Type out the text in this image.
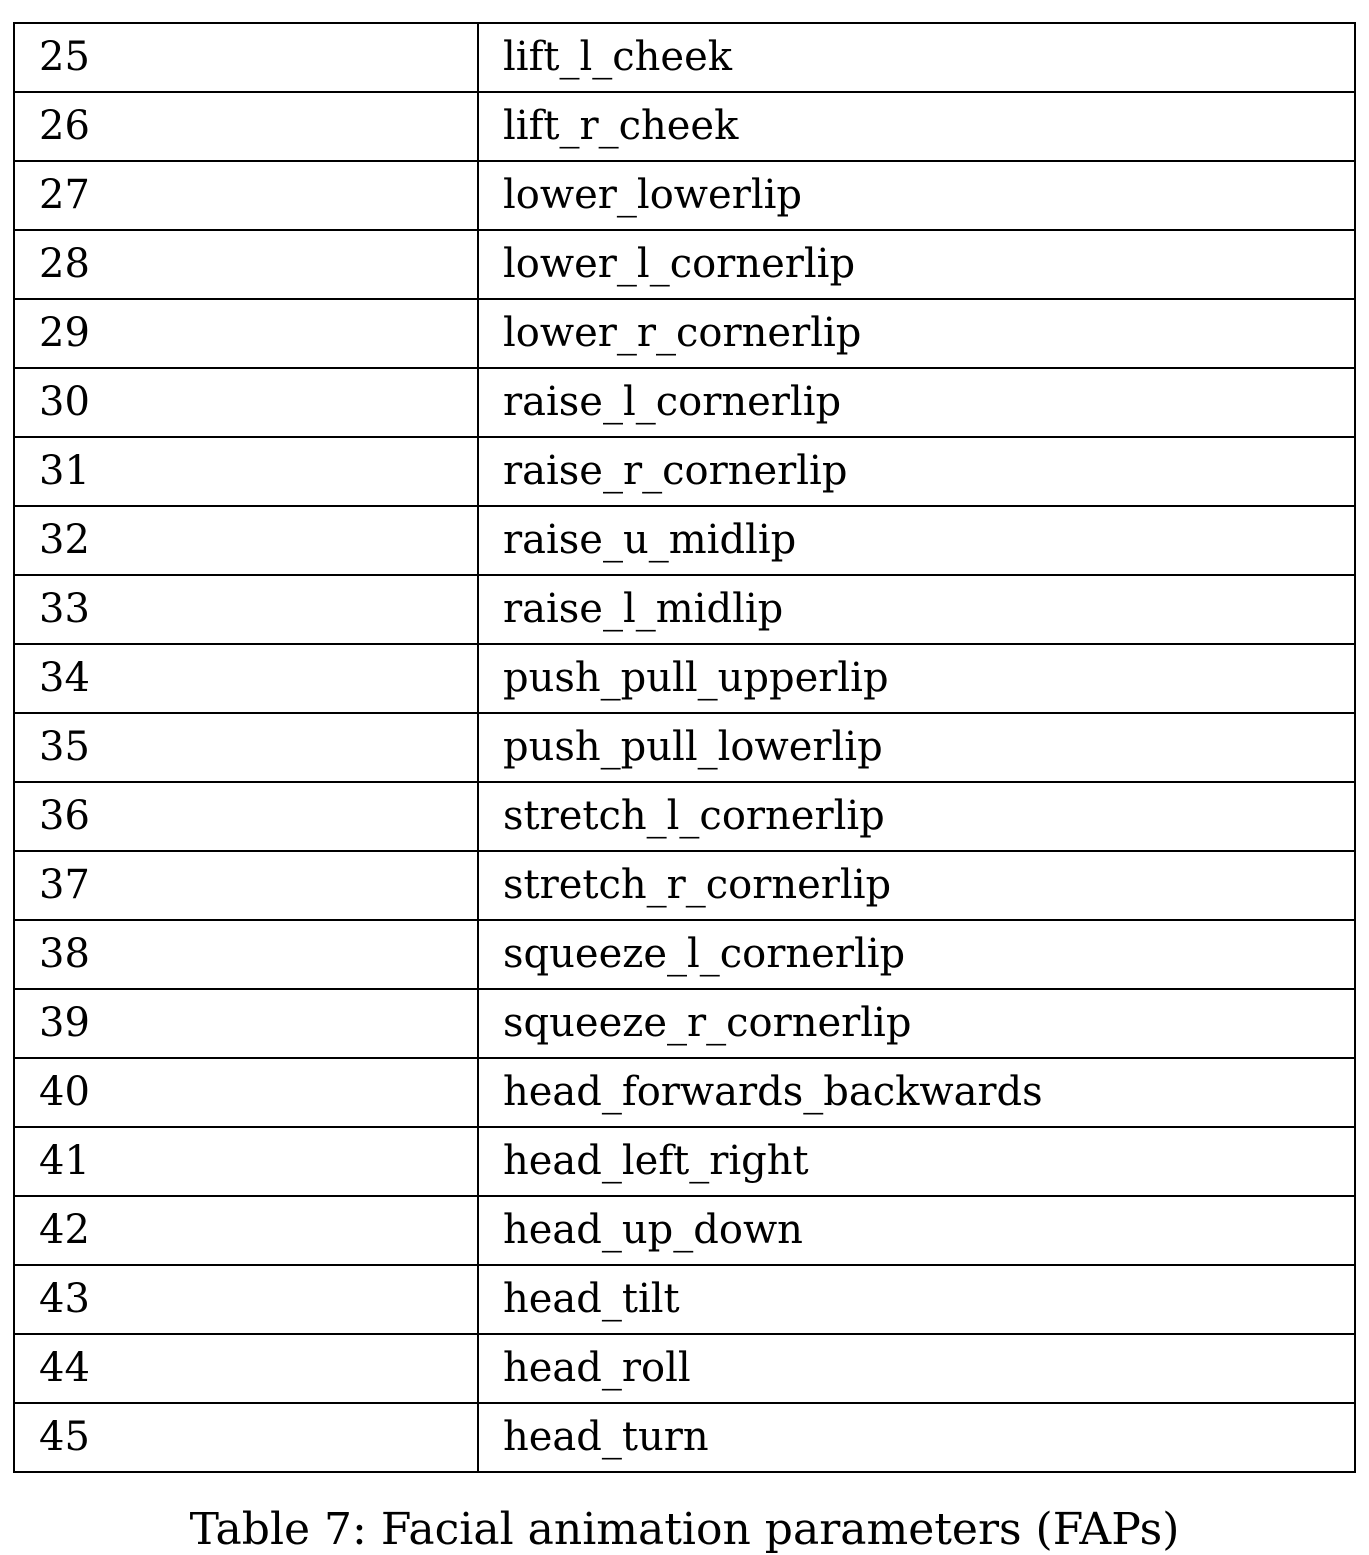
25	lift_l_cheek
26	lift_r_cheek
27	lower_lowerlip
28	lower_l_cornerlip
29	lower_r_cornerlip
30	raise_l_cornerlip
31	raise_r_cornerlip
32	raise_u_midlip
33	raise_l_midlip
34	push_pull_upperlip
35	push_pull_lowerlip
36	stretch_l_cornerlip
37	stretch_r_cornerlip
38	squeeze_l_cornerlip
39	squeeze_r_cornerlip
40	head_forwards_backwards
41	head_left_right
42	head_up_down
43	head_tilt
44	head_roll
45	head_turn
Table 7: Facial animation parameters (FAPs)
